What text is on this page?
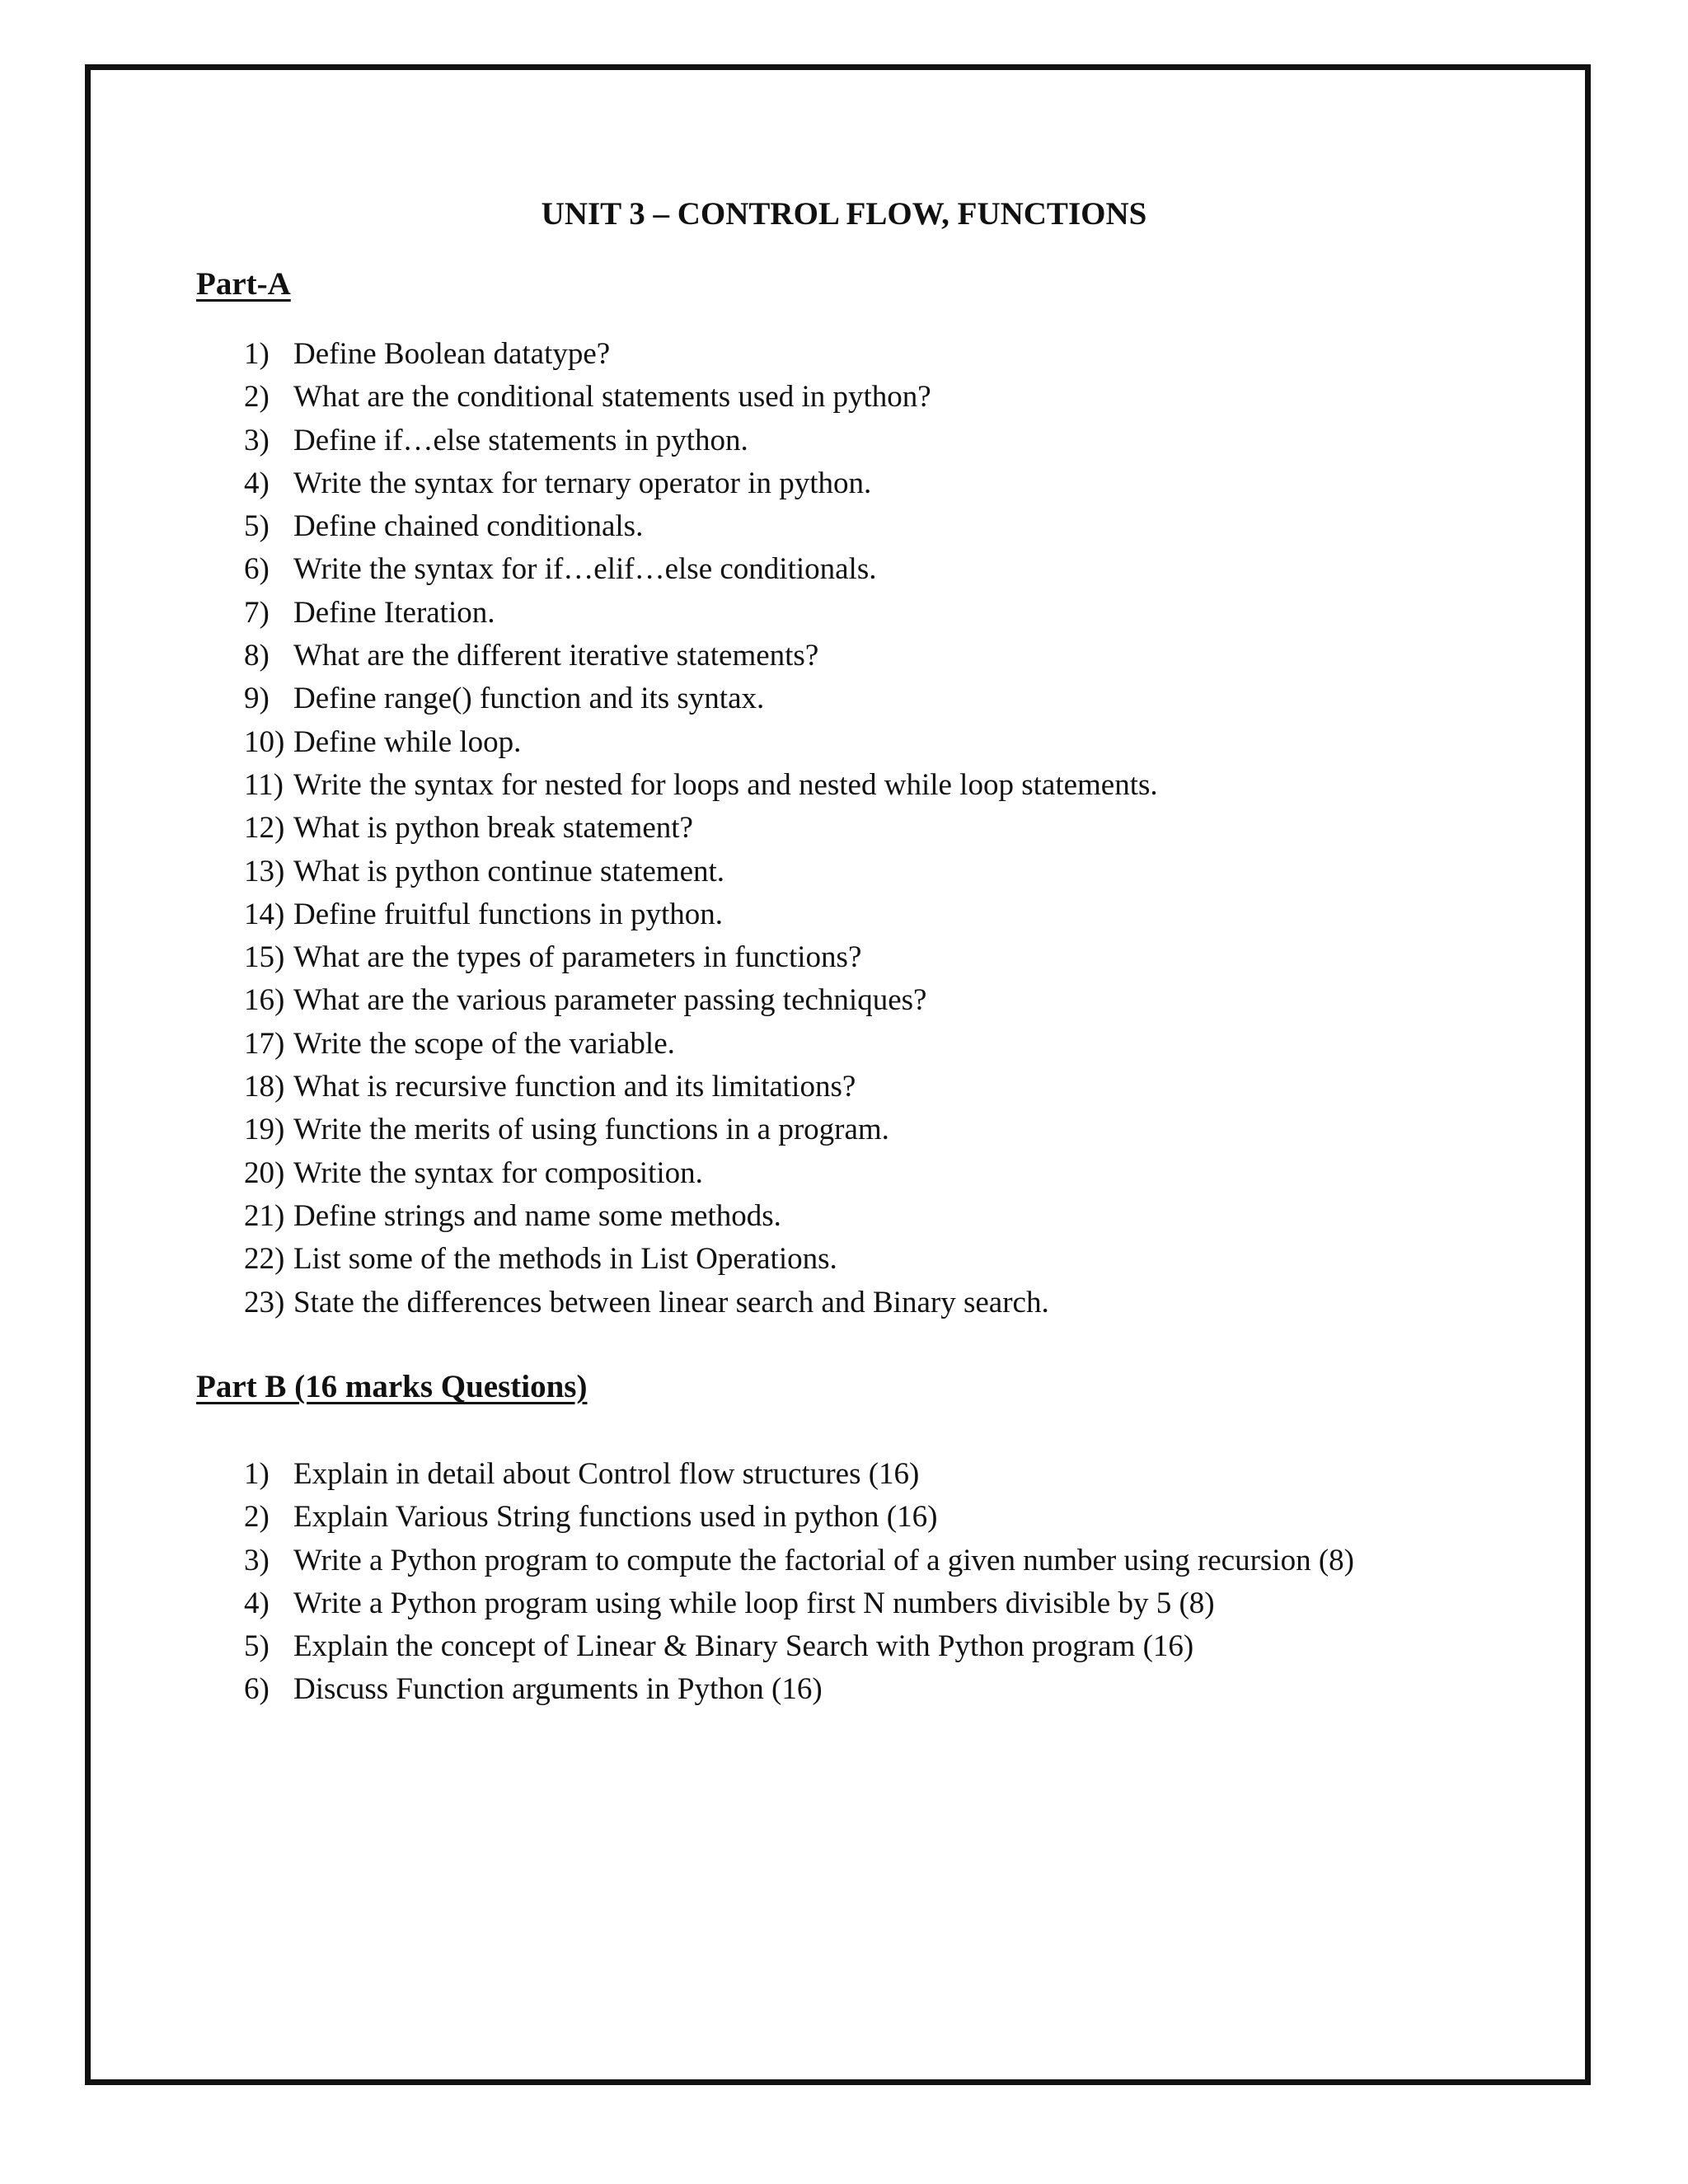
UNIT 3 – CONTROL FLOW, FUNCTIONS
Part-A
1) Define Boolean datatype?
2) What are the conditional statements used in python?
3) Define if…else statements in python.
4) Write the syntax for ternary operator in python.
5) Define chained conditionals.
6) Write the syntax for if…elif…else conditionals.
7) Define Iteration.
8) What are the different iterative statements?
9) Define range() function and its syntax.
10) Define while loop.
11) Write the syntax for nested for loops and nested while loop statements.
12) What is python break statement?
13) What is python continue statement.
14) Define fruitful functions in python.
15) What are the types of parameters in functions?
16) What are the various parameter passing techniques?
17) Write the scope of the variable.
18) What is recursive function and its limitations?
19) Write the merits of using functions in a program.
20) Write the syntax for composition.
21) Define strings and name some methods.
22) List some of the methods in List Operations.
23) State the differences between linear search and Binary search.
Part B (16 marks Questions)
1) Explain in detail about Control flow structures (16)
2) Explain Various String functions used in python (16)
3) Write a Python program to compute the factorial of a given number using recursion (8)
4) Write a Python program using while loop first N numbers divisible by 5 (8)
5) Explain the concept of Linear & Binary Search with Python program (16)
6) Discuss Function arguments in Python (16)
